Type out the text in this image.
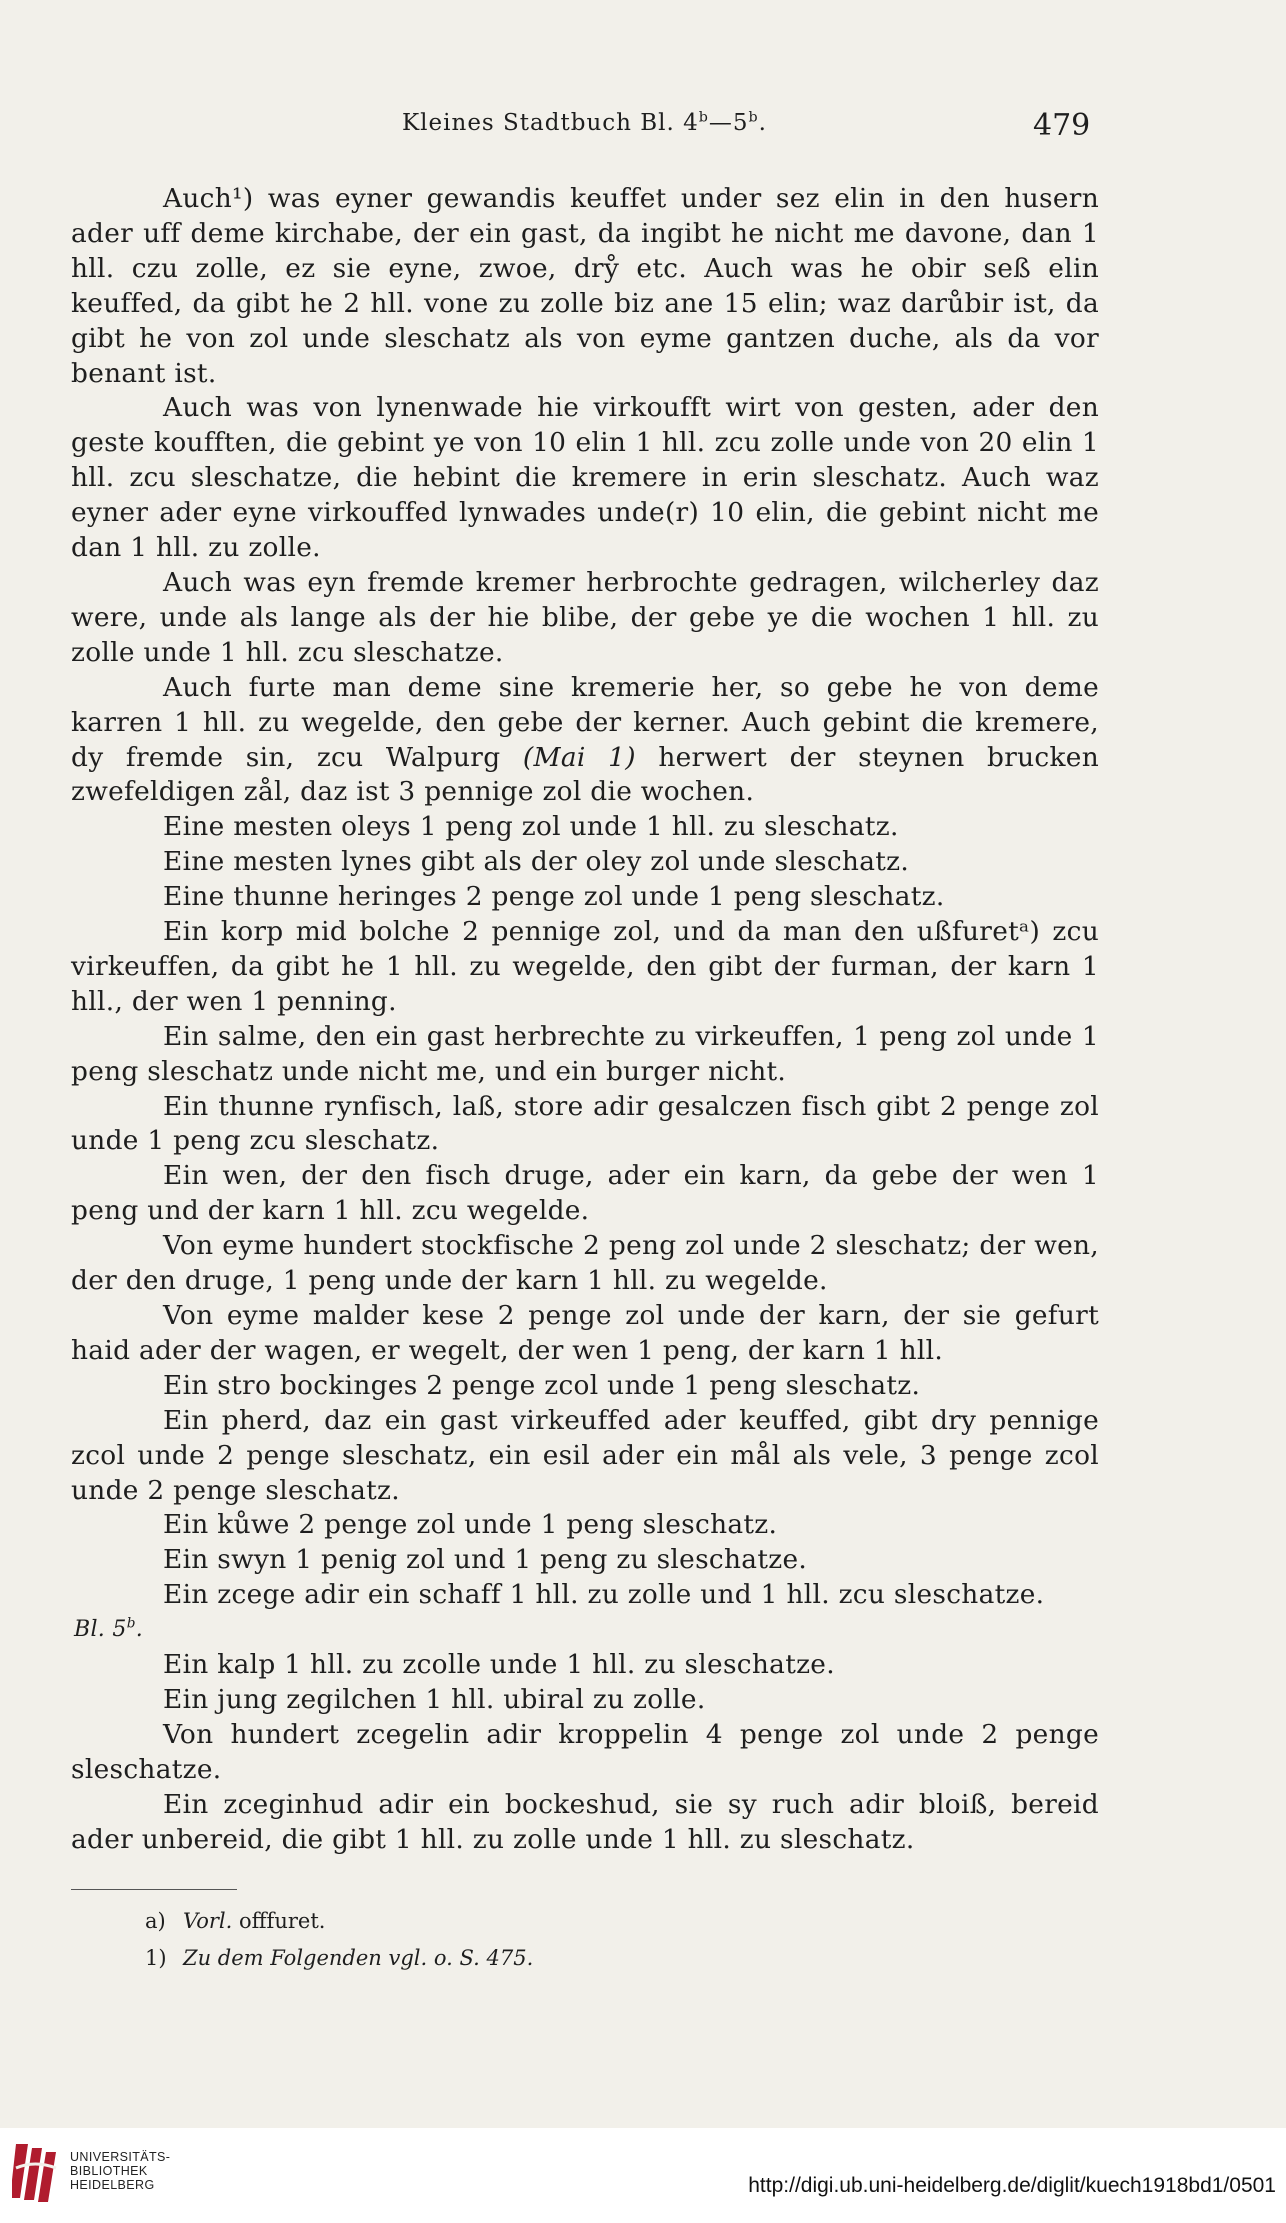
Kleines Stadtbuch Bl. 4$^b$—5$^b$.	479

Auch¹) was eyner gewandis keuffet under sez elin in den husern ader uff deme kirchabe, der ein gast, da ingibt he nicht me davone, dan 1 hll. czu zolle, ez sie eyne, zwoe, drẙ etc. Auch was he obir seß elin keuffed, da gibt he 2 hll. vone zu zolle biz ane 15 elin; waz darůbir ist, da gibt he von zol unde sleschatz als von eyme gantzen duche, als da vor benant ist.

Auch was von lynenwade hie virkoufft wirt von gesten, ader den geste koufften, die gebint ye von 10 elin 1 hll. zcu zolle unde von 20 elin 1 hll. zcu sleschatze, die hebint die kremere in erin sleschatz. Auch waz eyner ader eyne virkouffed lynwades unde(r) 10 elin, die gebint nicht me dan 1 hll. zu zolle.

Auch was eyn fremde kremer herbrochte gedragen, wilcherley daz were, unde als lange als der hie blibe, der gebe ye die wochen 1 hll. zu zolle unde 1 hll. zcu sleschatze.

Auch furte man deme sine kremerie her, so gebe he von deme karren 1 hll. zu wegelde, den gebe der kerner. Auch gebint die kremere, dy fremde sin, zcu Walpurg (Mai 1) herwert der steynen brucken zwefeldigen zål, daz ist 3 pennige zol die wochen.

Eine mesten oleys 1 peng zol unde 1 hll. zu sleschatz.

Eine mesten lynes gibt als der oley zol unde sleschatz.

Eine thunne heringes 2 penge zol unde 1 peng sleschatz.

Ein korp mid bolche 2 pennige zol, und da man den ußfuretᵃ) zcu virkeuffen, da gibt he 1 hll. zu wegelde, den gibt der furman, der karn 1 hll., der wen 1 penning.

Ein salme, den ein gast herbrechte zu virkeuffen, 1 peng zol unde 1 peng sleschatz unde nicht me, und ein burger nicht.

Ein thunne rynfisch, laß, store adir gesalczen fisch gibt 2 penge zol unde 1 peng zcu sleschatz.

Ein wen, der den fisch druge, ader ein karn, da gebe der wen 1 peng und der karn 1 hll. zcu wegelde.

Von eyme hundert stockfische 2 peng zol unde 2 sleschatz; der wen, der den druge, 1 peng unde der karn 1 hll. zu wegelde.

Von eyme malder kese 2 penge zol unde der karn, der sie gefurt haid ader der wagen, er wegelt, der wen 1 peng, der karn 1 hll.

Ein stro bockinges 2 penge zcol unde 1 peng sleschatz.

Ein pherd, daz ein gast virkeuffed ader keuffed, gibt dry pennige zcol unde 2 penge sleschatz, ein esil ader ein mål als vele, 3 penge zcol unde 2 penge sleschatz.

Ein kůwe 2 penge zol unde 1 peng sleschatz.

Ein swyn 1 penig zol und 1 peng zu sleschatze.

Ein zcege adir ein schaff 1 hll. zu zolle und 1 hll. zcu sleschatze.

Bl. 5$^b$.

Ein kalp 1 hll. zu zcolle unde 1 hll. zu sleschatze.

Ein jung zegilchen 1 hll. ubiral zu zolle.

Von hundert zcegelin adir kroppelin 4 penge zol unde 2 penge sleschatze.

Ein zceginhud adir ein bockeshud, sie sy ruch adir bloiß, bereid ader unbereid, die gibt 1 hll. zu zolle unde 1 hll. zu sleschatz.

a) Vorl. offfuret.
1) Zu dem Folgenden vgl. o. S. 475.
UNIVERSITÄTS-
BIBLIOTHEK
HEIDELBERG	http://digi.ub.uni-heidelberg.de/diglit/kuech1918bd1/0501
